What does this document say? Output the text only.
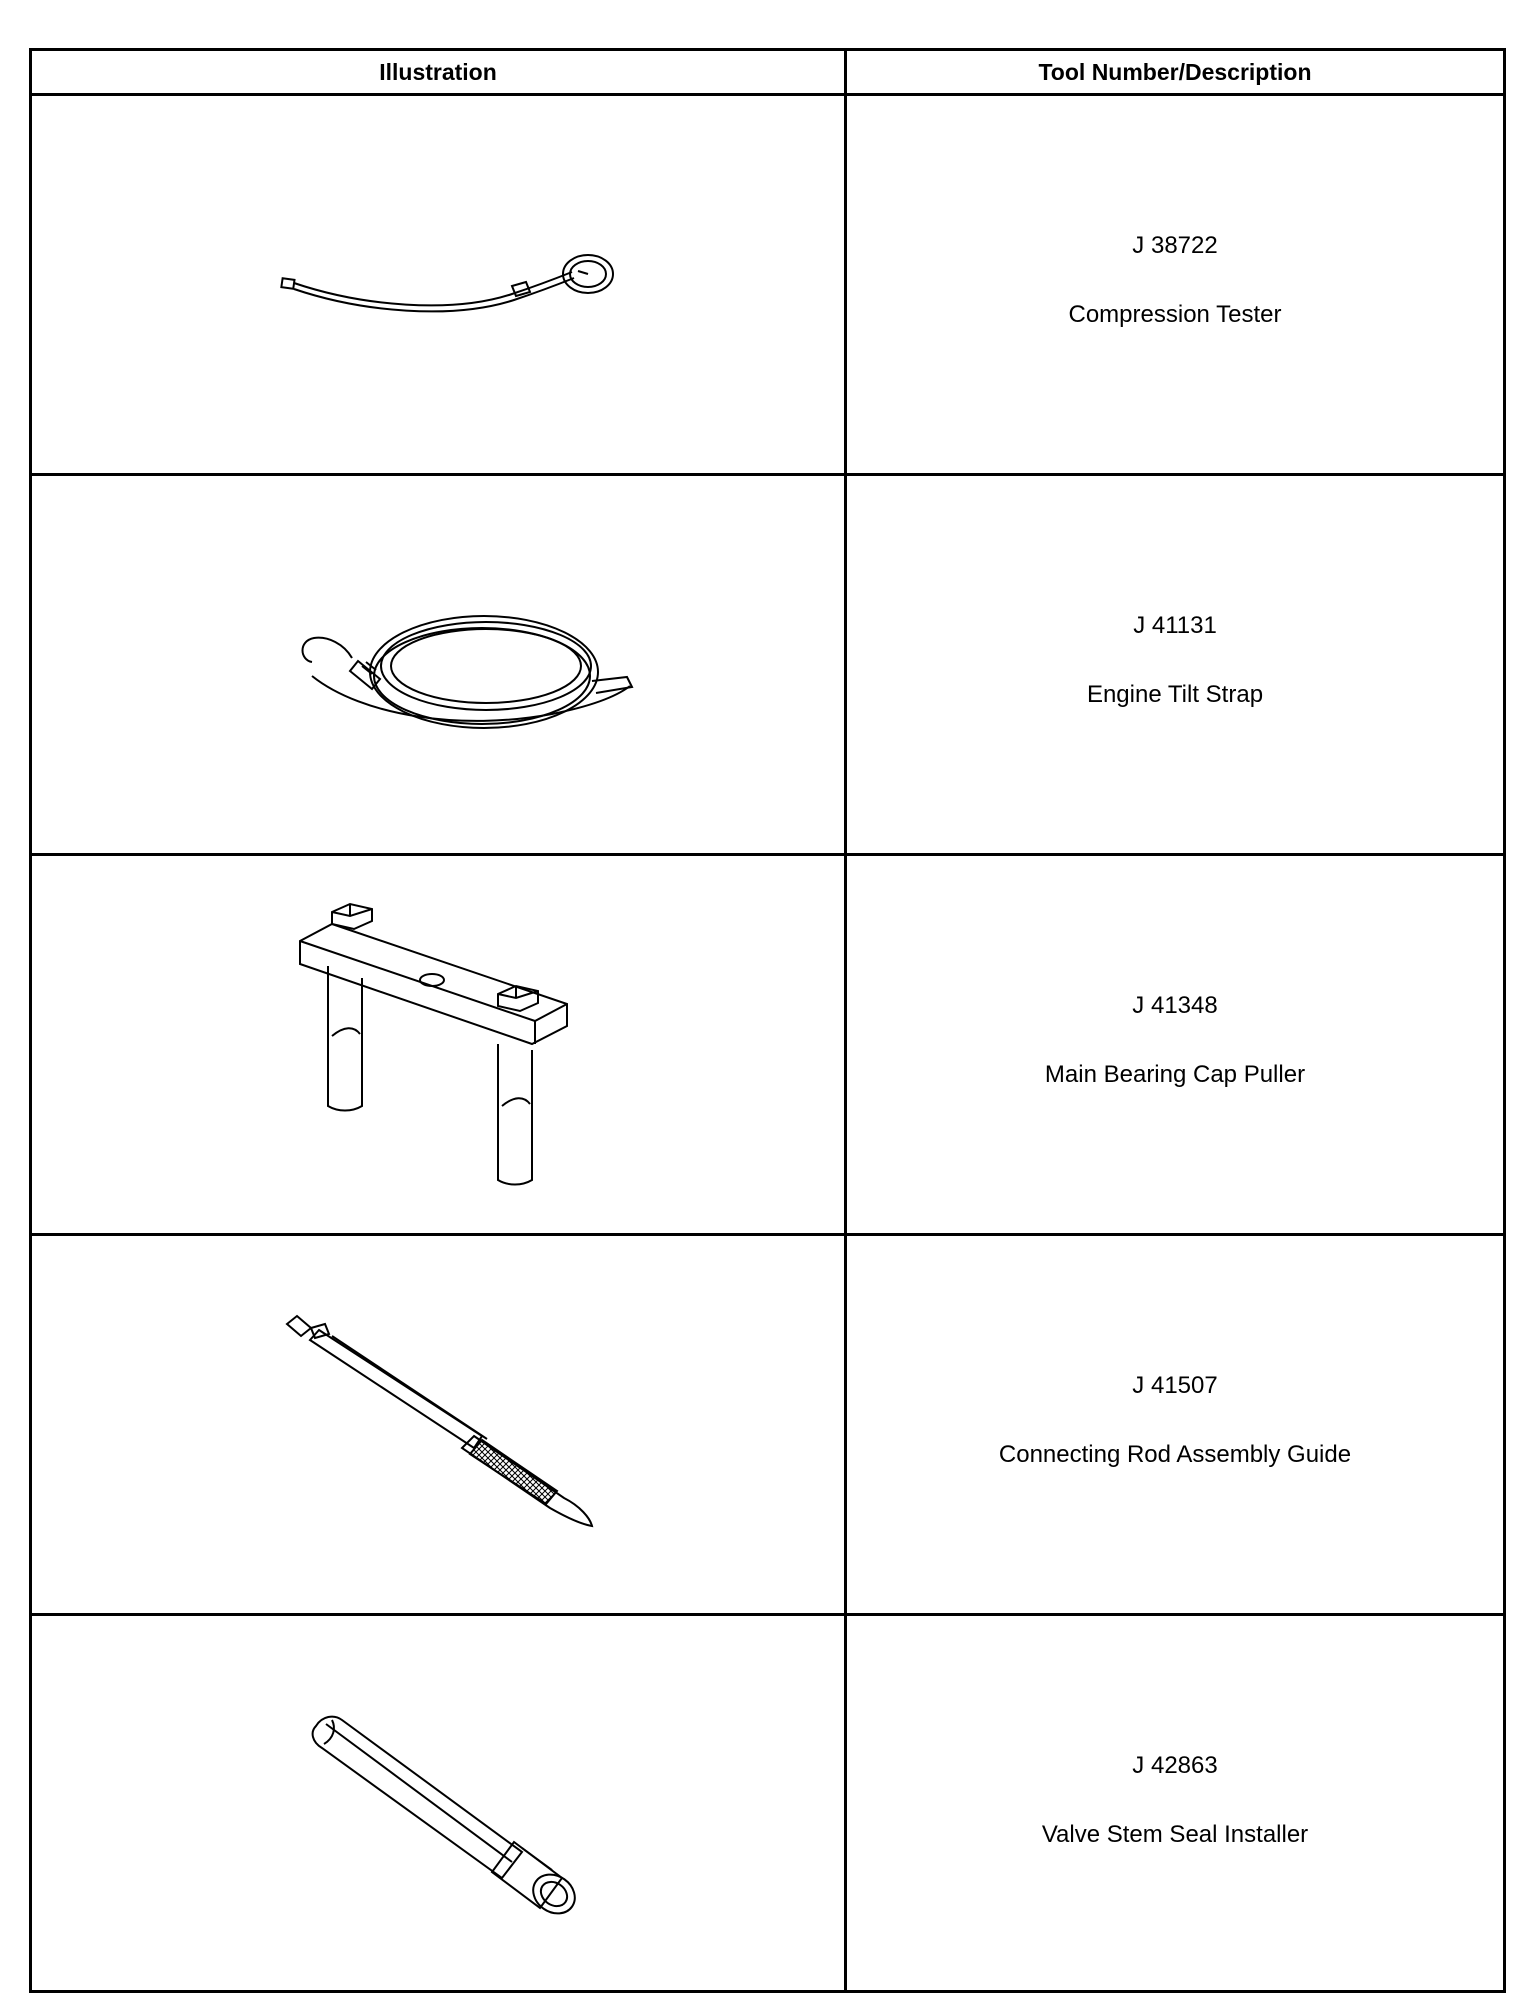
Illustration	Tool Number/Description
J 38722
Compression Tester
J 41131
Engine Tilt Strap
J 41348
Main Bearing Cap Puller
J 41507
Connecting Rod Assembly Guide
J 42863
Valve Stem Seal Installer
